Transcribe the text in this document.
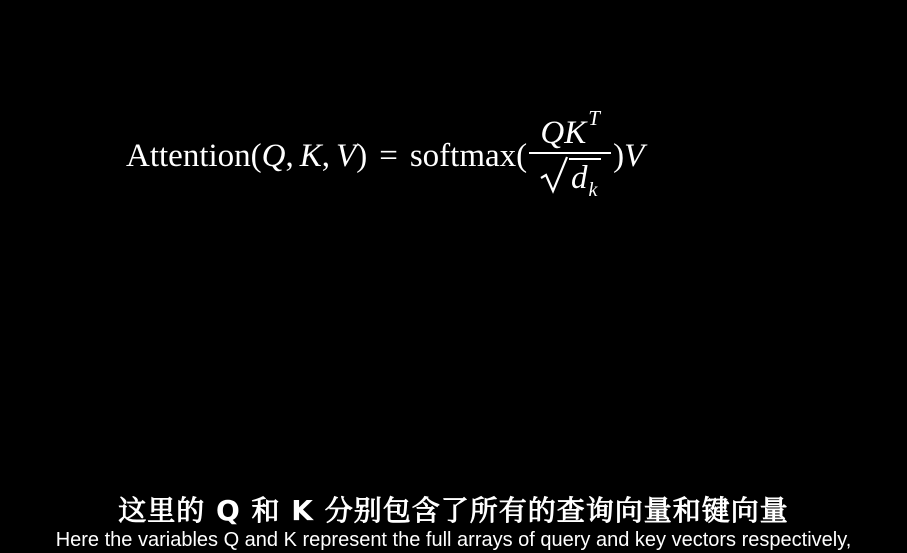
Attention ( Q , K , V ) = softmax ( $\frac{\text{Q K T}}{\text{d k}}$ ) V
这里的 Q 和 K 分别包含了所有的查询向量和键向量
Here the variables Q and K represent the full arrays of query and key vectors respectively,
